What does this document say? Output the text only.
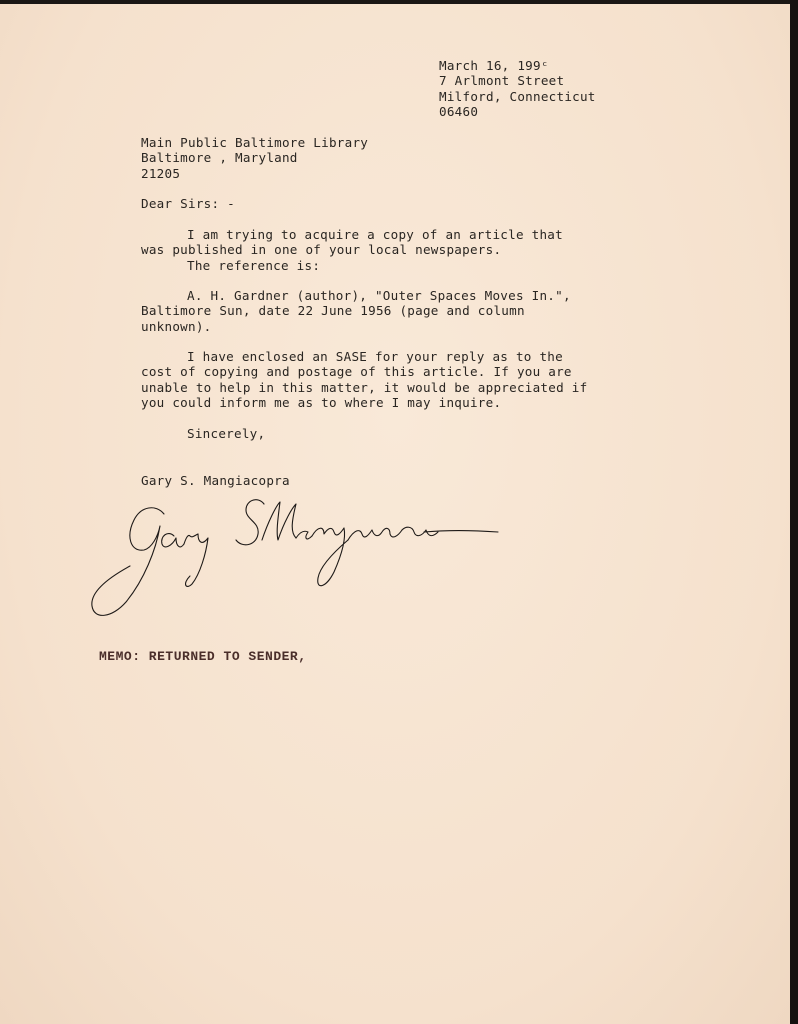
March 16, 199ᶜ
7 Arlmont Street
Milford, Connecticut
06460
Main Public Baltimore Library
Baltimore , Maryland
21205
Dear Sirs: -
I am trying to acquire a copy of an article that
was published in one of your local newspapers.
The reference is:
A. H. Gardner (author), "Outer Spaces Moves In.",
Baltimore Sun, date 22 June 1956 (page and column
unknown).
I have enclosed an SASE for your reply as to the
cost of copying and postage of this article. If you are
unable to help in this matter, it would be appreciated if
you could inform me as to where I may inquire.
Sincerely,
Gary S. Mangiacopra
MEMO: RETURNED TO SENDER,
